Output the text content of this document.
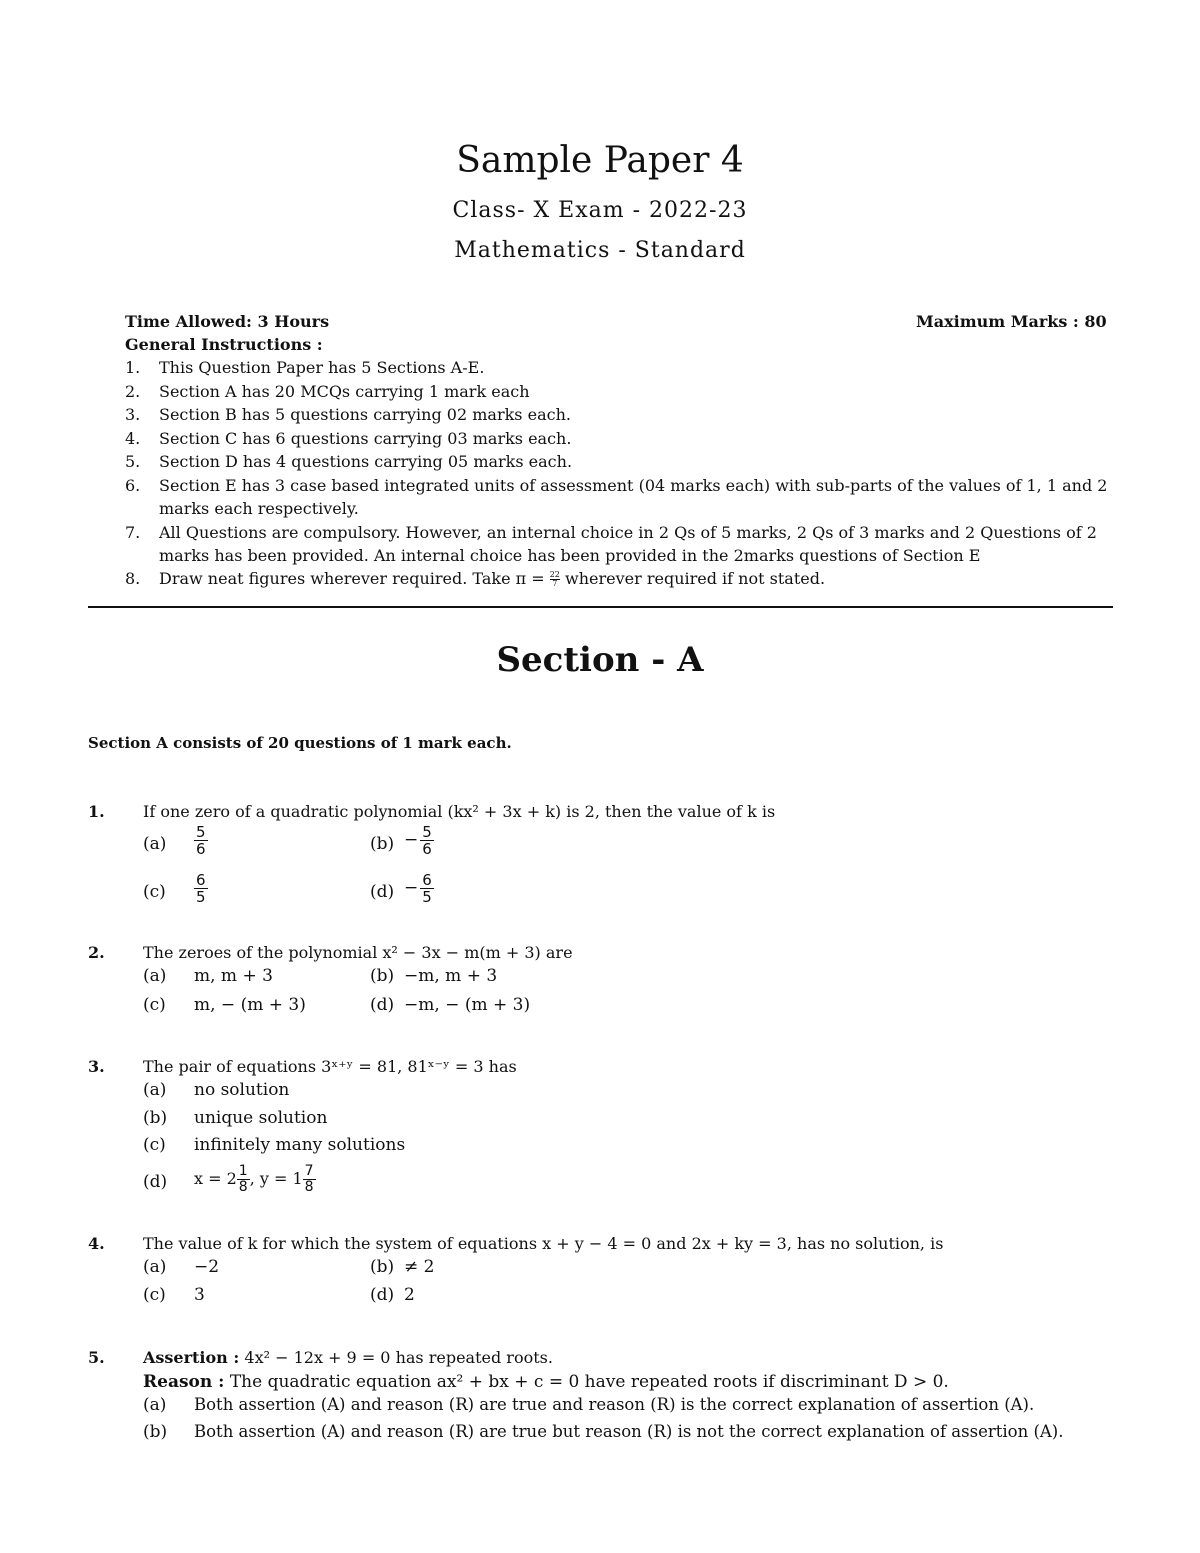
Sample Paper 4
Class- X Exam - 2022-23
Mathematics - Standard
Time Allowed: 3 Hours	Maximum Marks : 80
General Instructions :
1. This Question Paper has 5 Sections A-E.
2. Section A has 20 MCQs carrying 1 mark each
3. Section B has 5 questions carrying 02 marks each.
4. Section C has 6 questions carrying 03 marks each.
5. Section D has 4 questions carrying 05 marks each.
6. Section E has 3 case based integrated units of assessment (04 marks each) with sub-parts of the values of 1, 1 and 2 marks each respectively.
7. All Questions are compulsory. However, an internal choice in 2 Qs of 5 marks, 2 Qs of 3 marks and 2 Questions of 2 marks has been provided. An internal choice has been provided in the 2marks questions of Section E
8. Draw neat figures wherever required. Take $\pi = \frac{22}{7}$ wherever required if not stated.
Section - A
Section A consists of 20 questions of 1 mark each.
1. If one zero of a quadratic polynomial (kx² + 3x + k) is 2, then the value of k is
$(a) \frac{5}{6}$	$(b) - \frac{5}{6}$
$(c) \frac{6}{5}$	$(d) - \frac{6}{5}$
2. The zeroes of the polynomial x² − 3x − m(m + 3) are
(a) m, m + 3	(b) −m, m + 3
(c) m, − (m + 3)	(d) −m, − (m + 3)
3. The pair of equations 3ˣ⁺ʸ = 81, 81ˣ⁻ʸ = 3 has
(a) no solution
(b) unique solution
(c) infinitely many solutions
(d) $x = 2 \frac{1}{8}$ , $y = 1 \frac{7}{8}$
4. The value of k for which the system of equations x + y − 4 = 0 and 2x + ky = 3, has no solution, is
(a) −2	(b) ≠ 2
(c) 3	(d) 2
5. Assertion : 4x² − 12x + 9 = 0 has repeated roots.
Reason : The quadratic equation ax² + bx + c = 0 have repeated roots if discriminant D > 0.
(a) Both assertion (A) and reason (R) are true and reason (R) is the correct explanation of assertion (A).
(b) Both assertion (A) and reason (R) are true but reason (R) is not the correct explanation of assertion (A).
